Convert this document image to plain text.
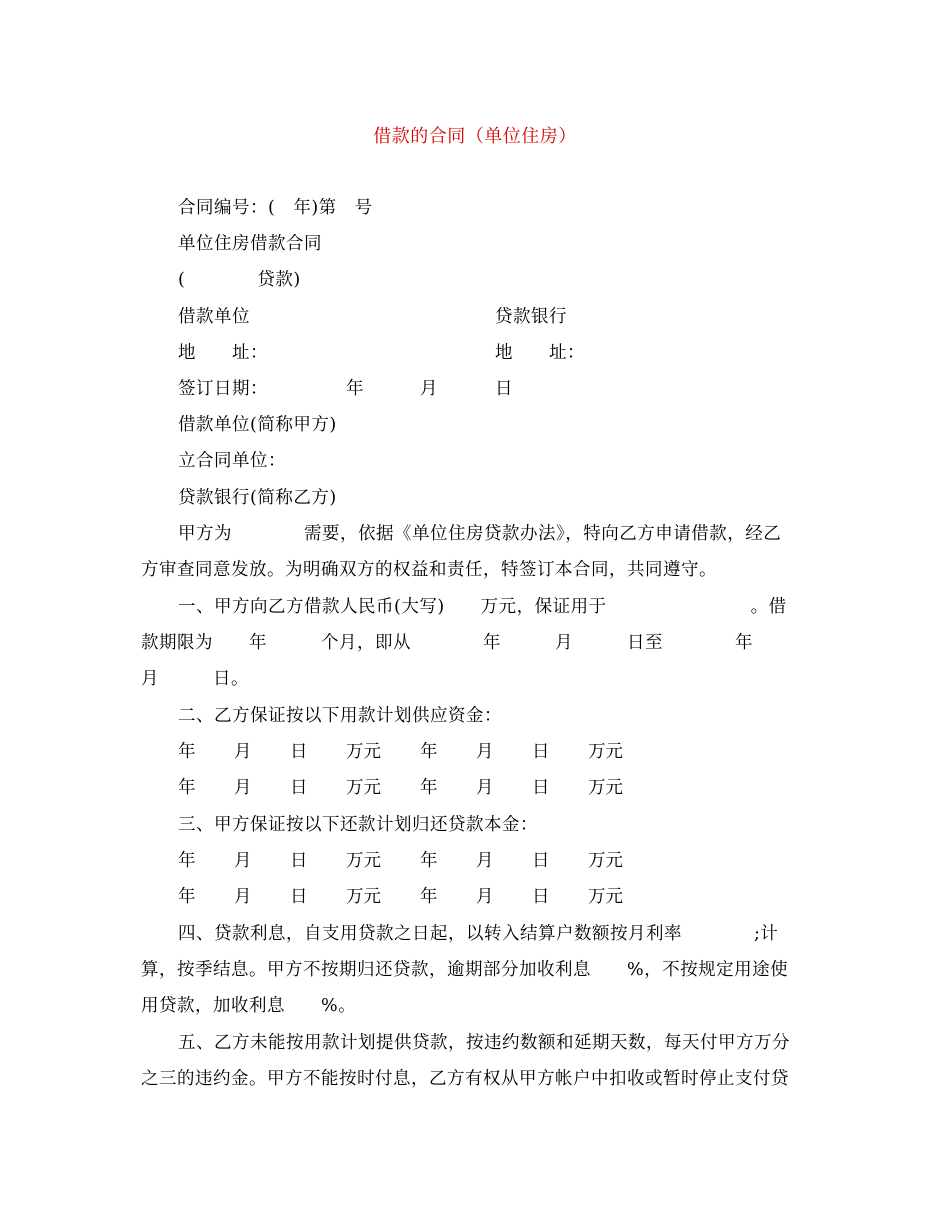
借款的合同（单位住房）
合同编号：(　年)第　号
单位住房借款合同
(　　　　贷款)
借款单位	贷款银行
地　　址：	地　　址：
签订日期：	年	月	日
借款单位(简称甲方)
立合同单位：
贷款银行(简称乙方)
甲方为　　　　需要，依据《单位住房贷款办法》，特向乙方申请借款，经乙
方审查同意发放。为明确双方的权益和责任，特签订本合同，共同遵守。
一、甲方向乙方借款人民币(大写)　　万元，保证用于　　　　　　　　。借
款期限为　　年　　　个月，即从　　　　年　　　月　　　日至　　　　年
月　　　日。
二、乙方保证按以下用款计划供应资金：
年 月 日 万元 年 月 日 万元
年 月 日 万元 年 月 日 万元
三、甲方保证按以下还款计划归还贷款本金：
年 月 日 万元 年 月 日 万元
年 月 日 万元 年 月 日 万元
四、贷款利息，自支用贷款之日起，以转入结算户数额按月利率　　　　;计
算，按季结息。甲方不按期归还贷款，逾期部分加收利息　　%，不按规定用途使
用贷款，加收利息　　%。
五、乙方未能按用款计划提供贷款，按违约数额和延期天数，每天付甲方万分
之三的违约金。甲方不能按时付息，乙方有权从甲方帐户中扣收或暂时停止支付贷
